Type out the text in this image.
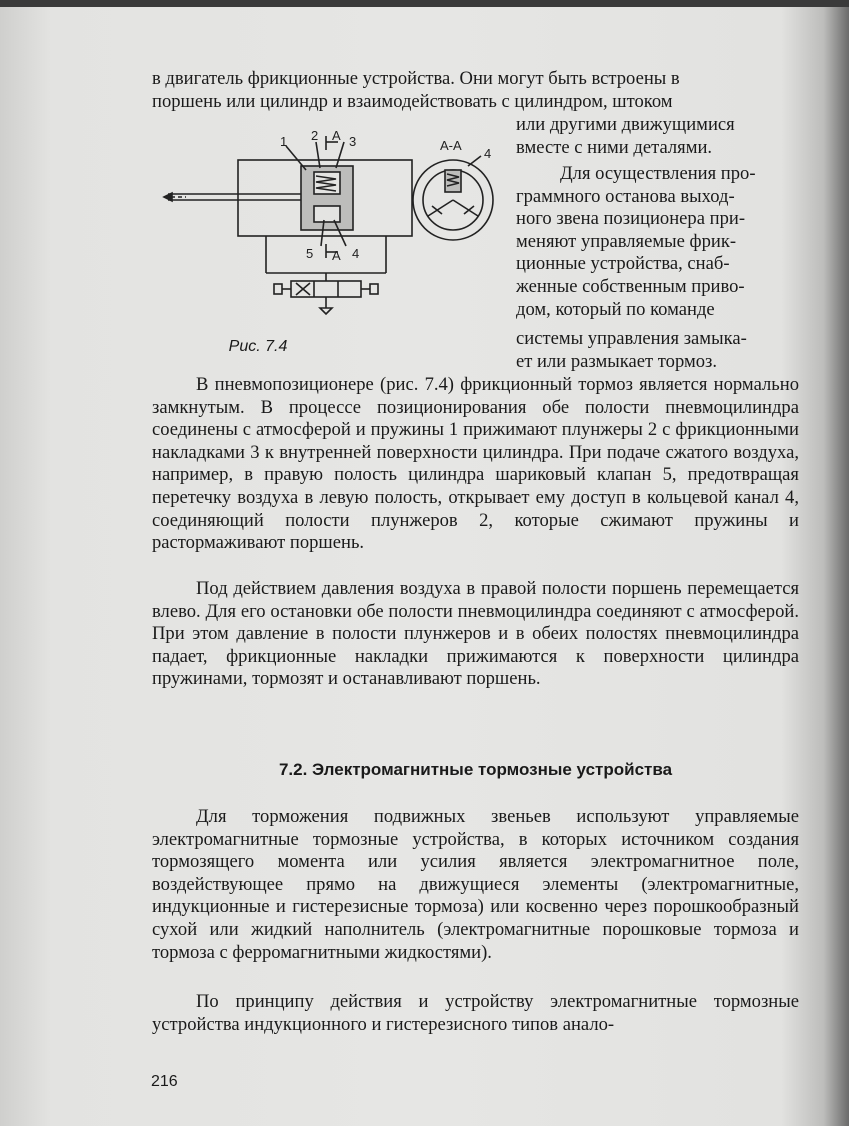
в двигатель фрикционные устройства. Они могут быть встроены в

поршень или цилиндр и взаимодействовать с цилиндром, штоком

или другими движущимися

вместе с ними деталями.

Для осуществления про-

граммного останова выход-

ного звена позиционера при-

меняют управляемые фрик-

ционные устройства, снаб-

женные собственным приво-

дом, который по команде

системы управления замыка-

ет или размыкает тормоз.

1 2 А 3	А-А
4
5 А 4
Рис. 7.4

В пневмопозиционере (рис. 7.4) фрикционный тормоз является нормально замкнутым. В процессе позиционирования обе полости пневмоцилиндра соединены с атмосферой и пружины 1 прижимают плунжеры 2 с фрикционными накладками 3 к внутренней поверхности цилиндра. При подаче сжатого воздуха, например, в правую полость цилиндра шариковый клапан 5, предотвращая перетечку воздуха в левую полость, открывает ему доступ в кольцевой канал 4, соединяющий полости плунжеров 2, которые сжимают пружины и растормаживают поршень.

Под действием давления воздуха в правой полости поршень перемещается влево. Для его остановки обе полости пневмоцилиндра соединяют с атмосферой. При этом давление в полости плунжеров и в обеих полостях пневмоцилиндра падает, фрикционные накладки прижимаются к поверхности цилиндра пружинами, тормозят и останавливают поршень.

7.2. Электромагнитные тормозные устройства

Для торможения подвижных звеньев используют управляемые электромагнитные тормозные устройства, в которых источником создания тормозящего момента или усилия является электромагнитное поле, воздействующее прямо на движущиеся элементы (электромагнитные, индукционные и гистерезисные тормоза) или косвенно через порошкообразный сухой или жидкий наполнитель (электромагнитные порошковые тормоза и тормоза с ферромагнитными жидкостями).

По принципу действия и устройству электромагнитные тормозные устройства индукционного и гистерезисного типов анало-

216
